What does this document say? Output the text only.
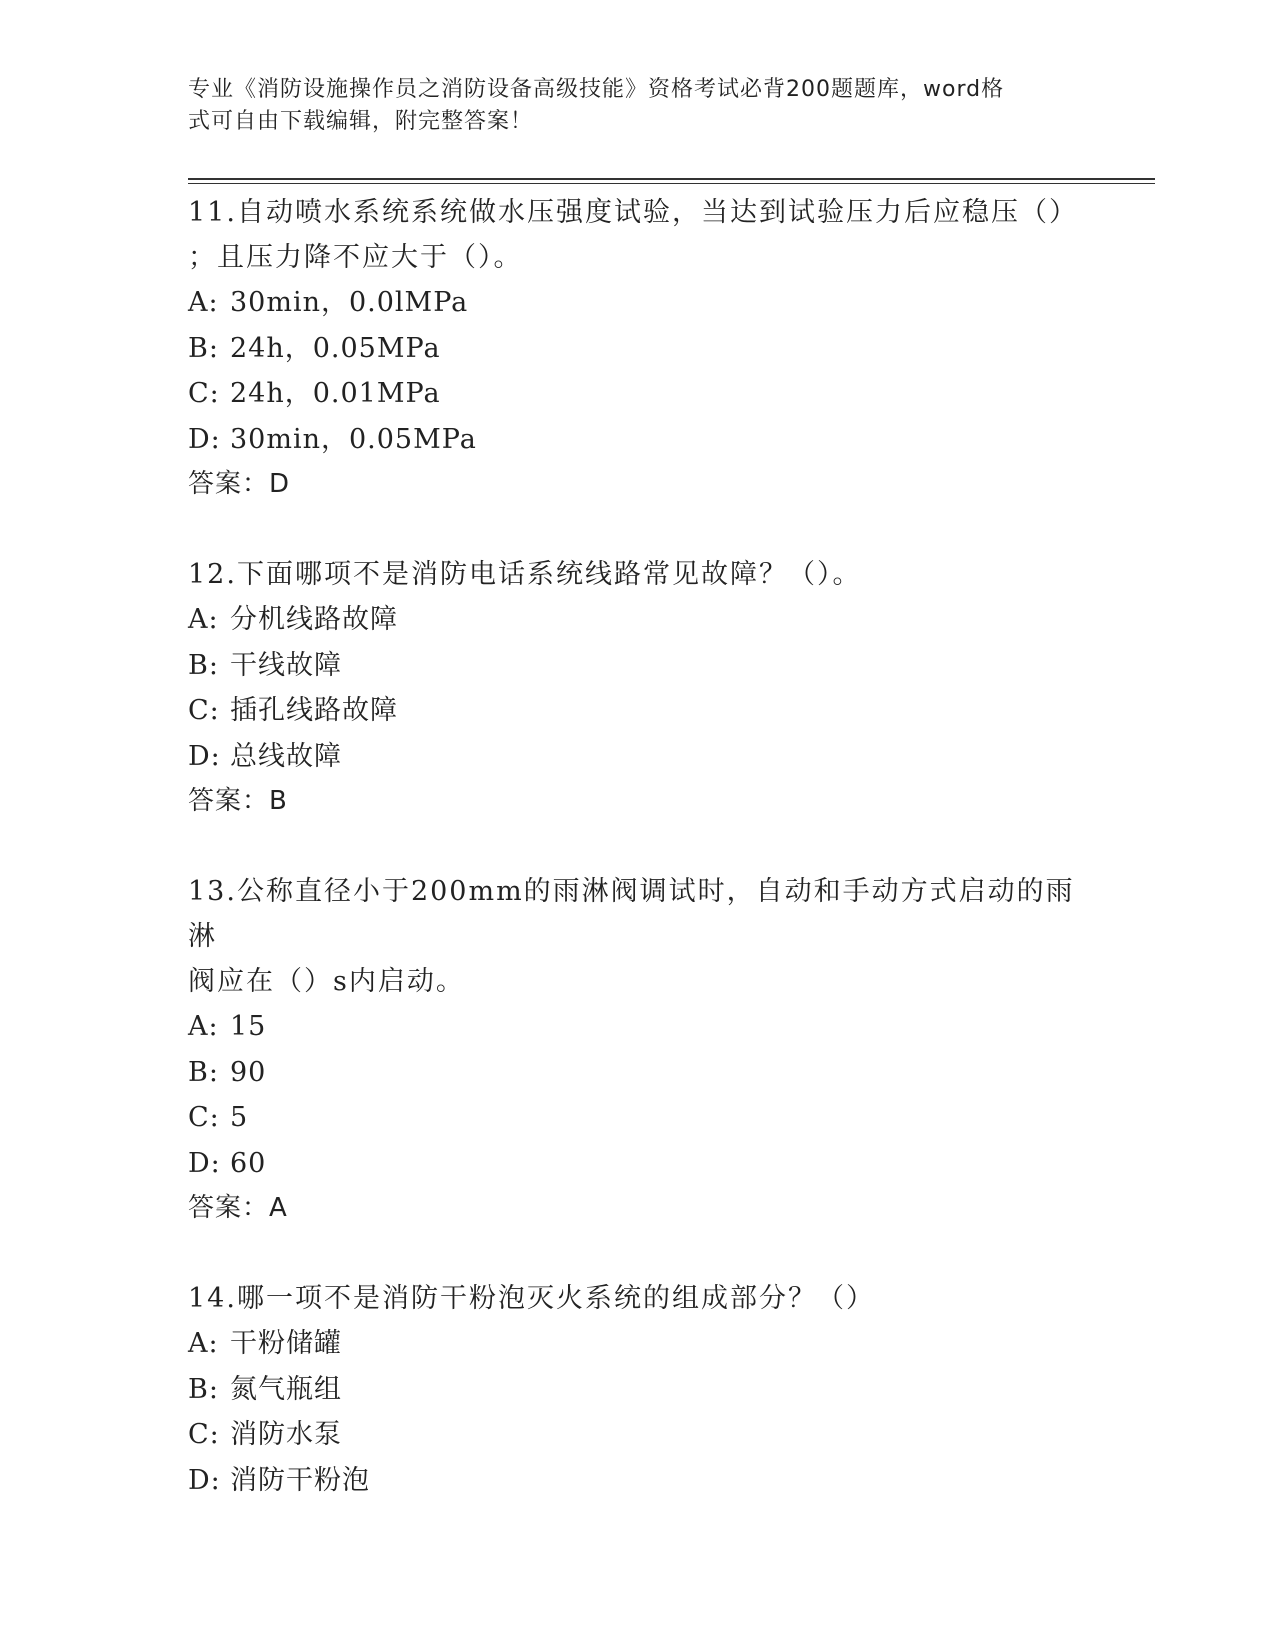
专业《消防设施操作员之消防设备高级技能》资格考试必背200题题库，word格
式可自由下载编辑，附完整答案！

11.自动喷水系统系统做水压强度试验，当达到试验压力后应稳压（）
；且压力降不应大于（）。

A: 30min，0.0lMPa

B: 24h，0.05MPa

C: 24h，0.01MPa

D: 30min，0.05MPa

答案：D

12.下面哪项不是消防电话系统线路常见故障？（）。

A: 分机线路故障

B: 干线故障

C: 插孔线路故障

D: 总线故障

答案：B

13.公称直径小于200mm的雨淋阀调试时，自动和手动方式启动的雨淋
阀应在（）s内启动。

A: 15

B: 90

C: 5

D: 60

答案：A

14.哪一项不是消防干粉泡灭火系统的组成部分？（）

A: 干粉储罐

B: 氮气瓶组

C: 消防水泵

D: 消防干粉泡
